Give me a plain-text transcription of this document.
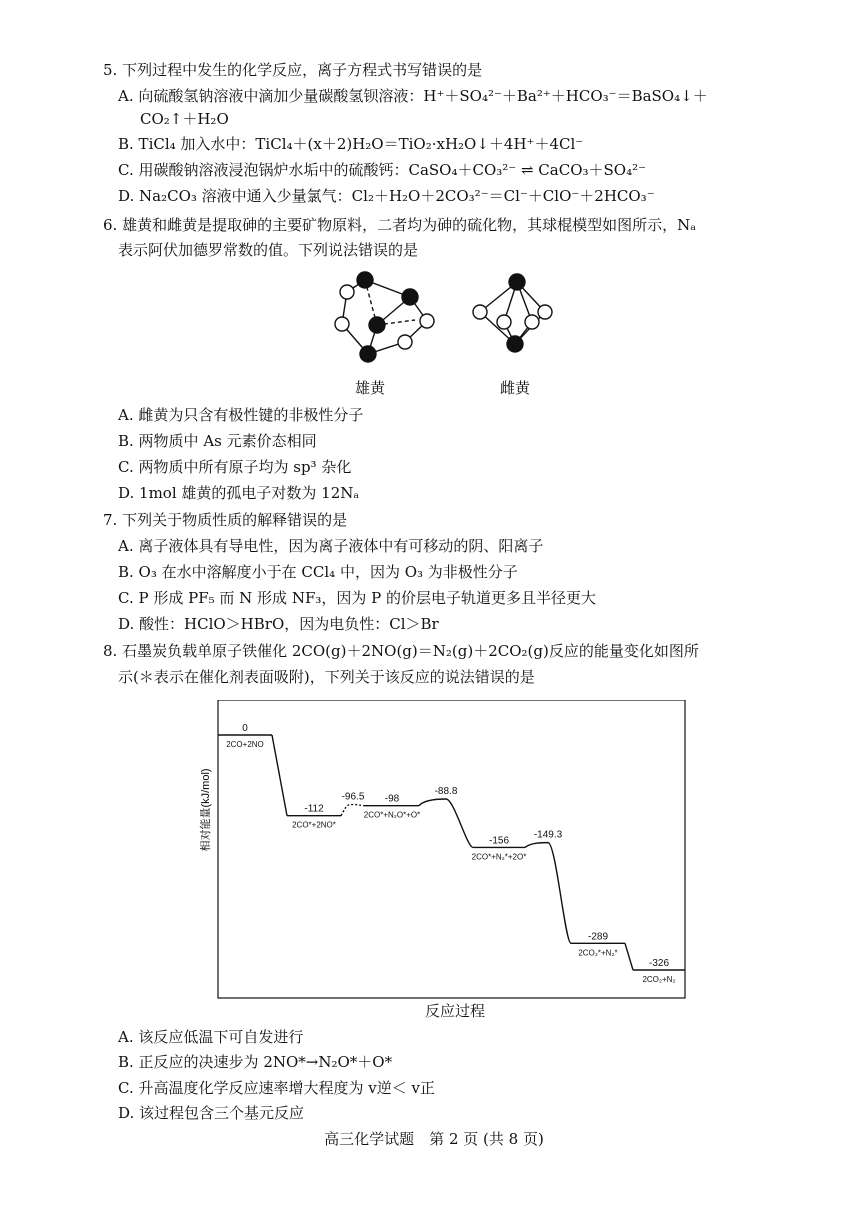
5. 下列过程中发生的化学反应，离子方程式书写错误的是
A. 向硫酸氢钠溶液中滴加少量碳酸氢钡溶液：H⁺＋SO₄²⁻＋Ba²⁺＋HCO₃⁻＝BaSO₄↓＋
CO₂↑＋H₂O
B. TiCl₄ 加入水中：TiCl₄＋(x＋2)H₂O＝TiO₂·xH₂O↓＋4H⁺＋4Cl⁻
C. 用碳酸钠溶液浸泡锅炉水垢中的硫酸钙：CaSO₄＋CO₃²⁻ ⇌ CaCO₃＋SO₄²⁻
D. Na₂CO₃ 溶液中通入少量氯气：Cl₂＋H₂O＋2CO₃²⁻＝Cl⁻＋ClO⁻＋2HCO₃⁻
6. 雄黄和雌黄是提取砷的主要矿物原料，二者均为砷的硫化物，其球棍模型如图所示，Nₐ
表示阿伏加德罗常数的值。下列说法错误的是
雄黄	雌黄
A. 雌黄为只含有极性键的非极性分子
B. 两物质中 As 元素价态相同
C. 两物质中所有原子均为 sp³ 杂化
D. 1mol 雄黄的孤电子对数为 12Nₐ
7. 下列关于物质性质的解释错误的是
A. 离子液体具有导电性，因为离子液体中有可移动的阴、阳离子
B. O₃ 在水中溶解度小于在 CCl₄ 中，因为 O₃ 为非极性分子
C. P 形成 PF₅ 而 N 形成 NF₃，因为 P 的价层电子轨道更多且半径更大
D. 酸性：HClO＞HBrO，因为电负性：Cl＞Br
8. 石墨炭负载单原子铁催化 2CO(g)＋2NO(g)＝N₂(g)＋2CO₂(g)反应的能量变化如图所
示(＊表示在催化剂表面吸附)，下列关于该反应的说法错误的是
相对能量(kJ/mol)
0
2CO+2NO
-112
2CO*+2NO*
-98
2CO*+N₂O*+O*
-156
2CO*+N₂*+2O*
-289
2CO₂*+N₂*
-326
2CO₂+N₂
-96.5
-88.8
-149.3
反应过程
A. 该反应低温下可自发进行
B. 正反应的决速步为 2NO*→N₂O*＋O*
C. 升高温度化学反应速率增大程度为 v逆＜ v正
D. 该过程包含三个基元反应
高三化学试题　第 2 页 (共 8 页)
